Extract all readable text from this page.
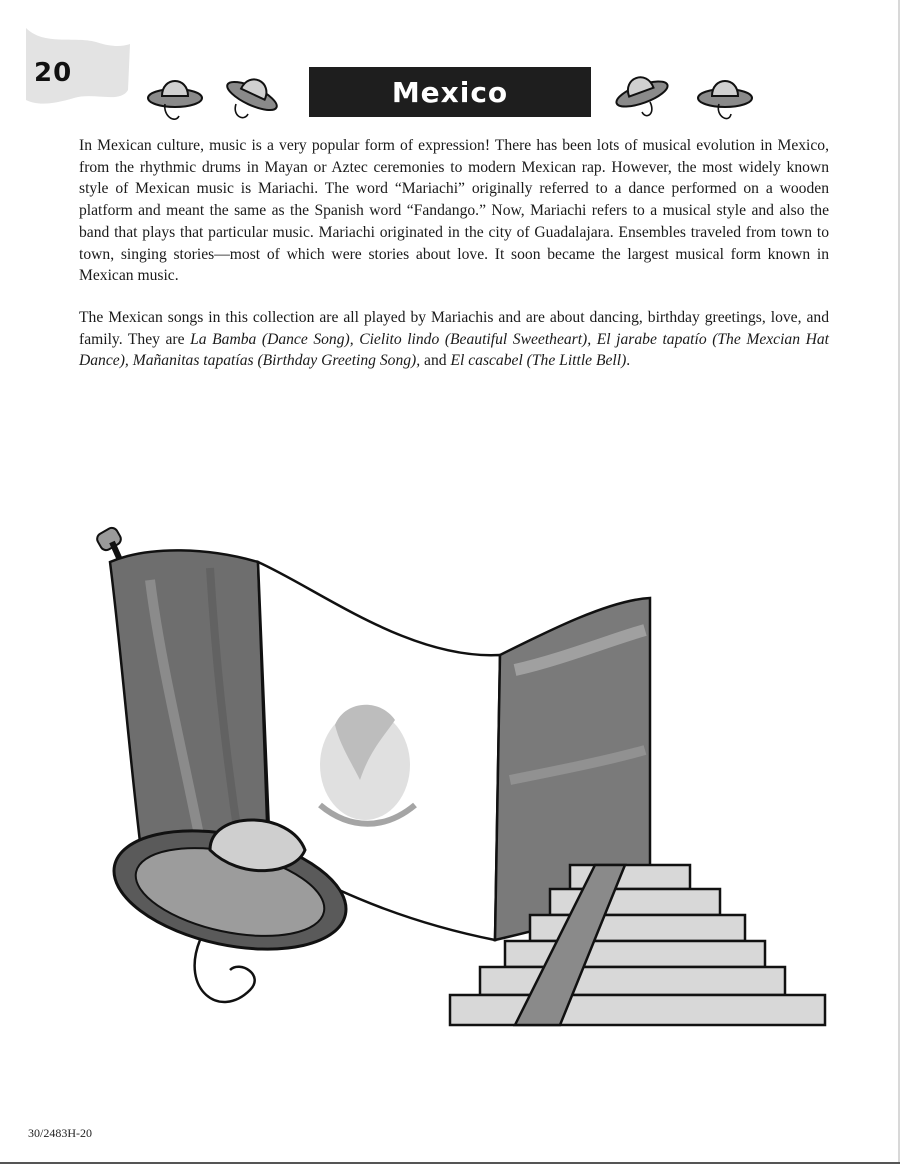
20
Mexico

In Mexican culture, music is a very popular form of expression! There has been lots of musical evolution in Mexico, from the rhythmic drums in Mayan or Aztec ceremonies to modern Mexican rap. However, the most widely known style of Mexican music is Mariachi. The word “Mariachi” originally referred to a dance performed on a wooden platform and meant the same as the Spanish word “Fandango.” Now, Mariachi refers to a musical style and also the band that plays that particular music. Mariachi originated in the city of Guadalajara. Ensembles traveled from town to town, singing stories—most of which were stories about love. It soon became the largest musical form known in Mexican music.

The Mexican songs in this collection are all played by Mariachis and are about dancing, birthday greetings, love, and family. They are La Bamba (Dance Song), Cielito lindo (Beautiful Sweetheart), El jarabe tapatío (The Mexcian Hat Dance), Mañanitas tapatías (Birthday Greeting Song), and El cascabel (The Little Bell).

30/2483H-20
